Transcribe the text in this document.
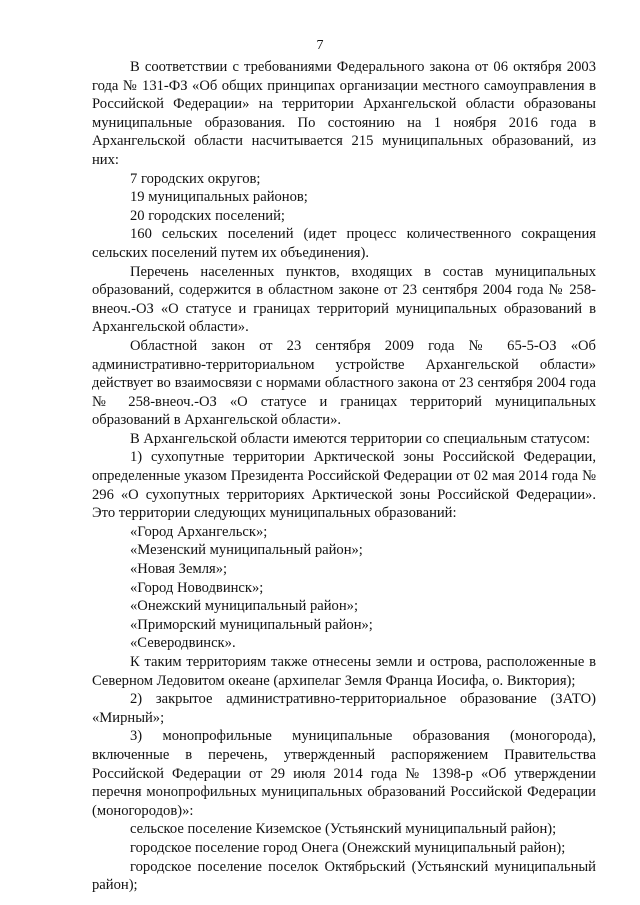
7

В соответствии с требованиями Федерального закона от 06 октября 2003 года № 131-ФЗ «Об общих принципах организации местного самоуправления в Российской Федерации» на территории Архангельской области образованы муниципальные образования. По состоянию на 1 ноября 2016 года в Архангельской области насчитывается 215 муниципальных образований, из них:

7 городских округов;

19 муниципальных районов;

20 городских поселений;

160 сельских поселений (идет процесс количественного сокращения сельских поселений путем их объединения).

Перечень населенных пунктов, входящих в состав муниципальных образований, содержится в областном законе от 23 сентября 2004 года № 258-внеоч.-ОЗ «О статусе и границах территорий муниципальных образований в Архангельской области».

Областной закон от 23 сентября 2009 года № 65-5-ОЗ «Об административно-территориальном устройстве Архангельской области» действует во взаимосвязи с нормами областного закона от 23 сентября 2004 года № 258-внеоч.-ОЗ «О статусе и границах территорий муниципальных образований в Архангельской области».

В Архангельской области имеются территории со специальным статусом:

1) сухопутные территории Арктической зоны Российской Федерации, определенные указом Президента Российской Федерации от 02 мая 2014 года № 296 «О сухопутных территориях Арктической зоны Российской Федерации». Это территории следующих муниципальных образований:

«Город Архангельск»;

«Мезенский муниципальный район»;

«Новая Земля»;

«Город Новодвинск»;

«Онежский муниципальный район»;

«Приморский муниципальный район»;

«Северодвинск».

К таким территориям также отнесены земли и острова, расположенные в Северном Ледовитом океане (архипелаг Земля Франца Иосифа, о. Виктория);

2) закрытое административно-территориальное образование (ЗАТО) «Мирный»;

3) монопрофильные муниципальные образования (моногорода), включенные в перечень, утвержденный распоряжением Правительства Российской Федерации от 29 июля 2014 года № 1398-р «Об утверждении перечня монопрофильных муниципальных образований Российской Федерации (моногородов)»:

сельское поселение Киземское (Устьянский муниципальный район);

городское поселение город Онега (Онежский муниципальный район);

городское поселение поселок Октябрьский (Устьянский муниципальный район);
